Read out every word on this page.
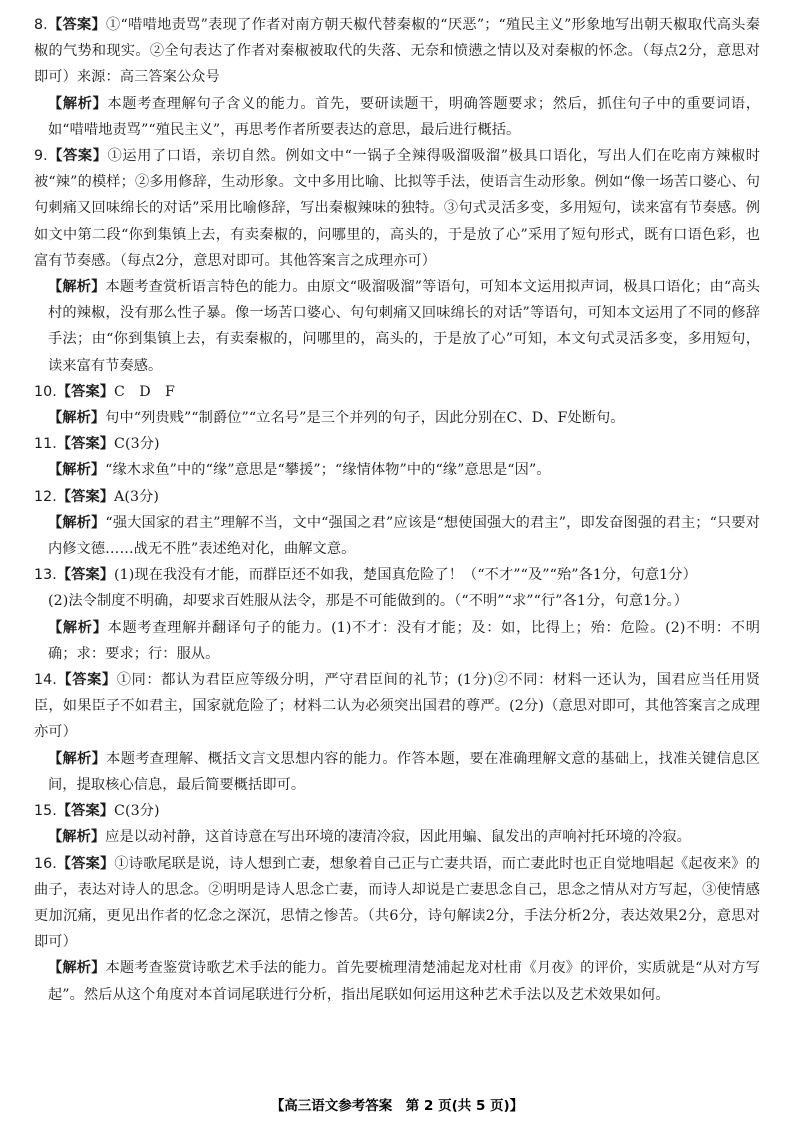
8.【答案】①“唶唶地责骂”表现了作者对南方朝天椒代替秦椒的“厌恶”；“殖民主义”形象地写出朝天椒取代高头秦椒的气势和现实。②全句表达了作者对秦椒被取代的失落、无奈和愤懑之情以及对秦椒的怀念。（每点2分，意思对即可）来源：高三答案公众号

【解析】本题考查理解句子含义的能力。首先，要研读题干，明确答题要求；然后，抓住句子中的重要词语，如“唶唶地责骂”“殖民主义”，再思考作者所要表达的意思，最后进行概括。

9.【答案】①运用了口语，亲切自然。例如文中“一锅子全辣得吸溜吸溜”极具口语化，写出人们在吃南方辣椒时被“辣”的模样；②多用修辞，生动形象。文中多用比喻、比拟等手法，使语言生动形象。例如“像一场苦口婆心、句句刺痛又回味绵长的对话”采用比喻修辞，写出秦椒辣味的独特。③句式灵活多变，多用短句，读来富有节奏感。例如文中第二段“你到集镇上去，有卖秦椒的，问哪里的，高头的，于是放了心”采用了短句形式，既有口语色彩，也富有节奏感。（每点2分，意思对即可。其他答案言之成理亦可）

【解析】本题考查赏析语言特色的能力。由原文“吸溜吸溜”等语句，可知本文运用拟声词，极具口语化；由“高头村的辣椒，没有那么性子暴。像一场苦口婆心、句句刺痛又回味绵长的对话”等语句，可知本文运用了不同的修辞手法；由“你到集镇上去，有卖秦椒的，问哪里的，高头的，于是放了心”可知，本文句式灵活多变，多用短句，读来富有节奏感。

10.【答案】C　D　F

【解析】句中“列贵贱”“制爵位”“立名号”是三个并列的句子，因此分别在C、D、F处断句。

11.【答案】C(3分)

【解析】“缘木求鱼”中的“缘”意思是“攀援”；“缘情体物”中的“缘”意思是“因”。

12.【答案】A(3分)

【解析】“强大国家的君主”理解不当，文中“强国之君”应该是“想使国强大的君主”，即发奋图强的君主；“只要对内修文德……战无不胜”表述绝对化，曲解文意。

13.【答案】(1)现在我没有才能，而群臣还不如我，楚国真危险了！（“不才”“及”“殆”各1分，句意1分）

(2)法令制度不明确，却要求百姓服从法令，那是不可能做到的。（“不明”“求”“行”各1分，句意1分。）

【解析】本题考查理解并翻译句子的能力。(1)不才：没有才能；及：如，比得上；殆：危险。(2)不明：不明确；求：要求；行：服从。

14.【答案】①同：都认为君臣应等级分明，严守君臣间的礼节；(1分)②不同：材料一还认为，国君应当任用贤臣，如果臣子不如君主，国家就危险了；材料二认为必须突出国君的尊严。(2分)（意思对即可，其他答案言之成理亦可）

【解析】本题考查理解、概括文言文思想内容的能力。作答本题，要在准确理解文意的基础上，找准关键信息区间，提取核心信息，最后简要概括即可。

15.【答案】C(3分)

【解析】应是以动衬静，这首诗意在写出环境的凄清冷寂，因此用蝙、鼠发出的声响衬托环境的冷寂。

16.【答案】①诗歌尾联是说，诗人想到亡妻，想象着自己正与亡妻共语，而亡妻此时也正自觉地唱起《起夜来》的曲子，表达对诗人的思念。②明明是诗人思念亡妻，而诗人却说是亡妻思念自己，思念之情从对方写起，③使情感更加沉痛，更见出作者的忆念之深沉，思情之惨苦。（共6分，诗句解读2分，手法分析2分，表达效果2分，意思对即可）

【解析】本题考查鉴赏诗歌艺术手法的能力。首先要梳理清楚浦起龙对杜甫《月夜》的评价，实质就是“从对方写起”。然后从这个角度对本首词尾联进行分析，指出尾联如何运用这种艺术手法以及艺术效果如何。

【高三语文参考答案　第 2 页(共 5 页)】
